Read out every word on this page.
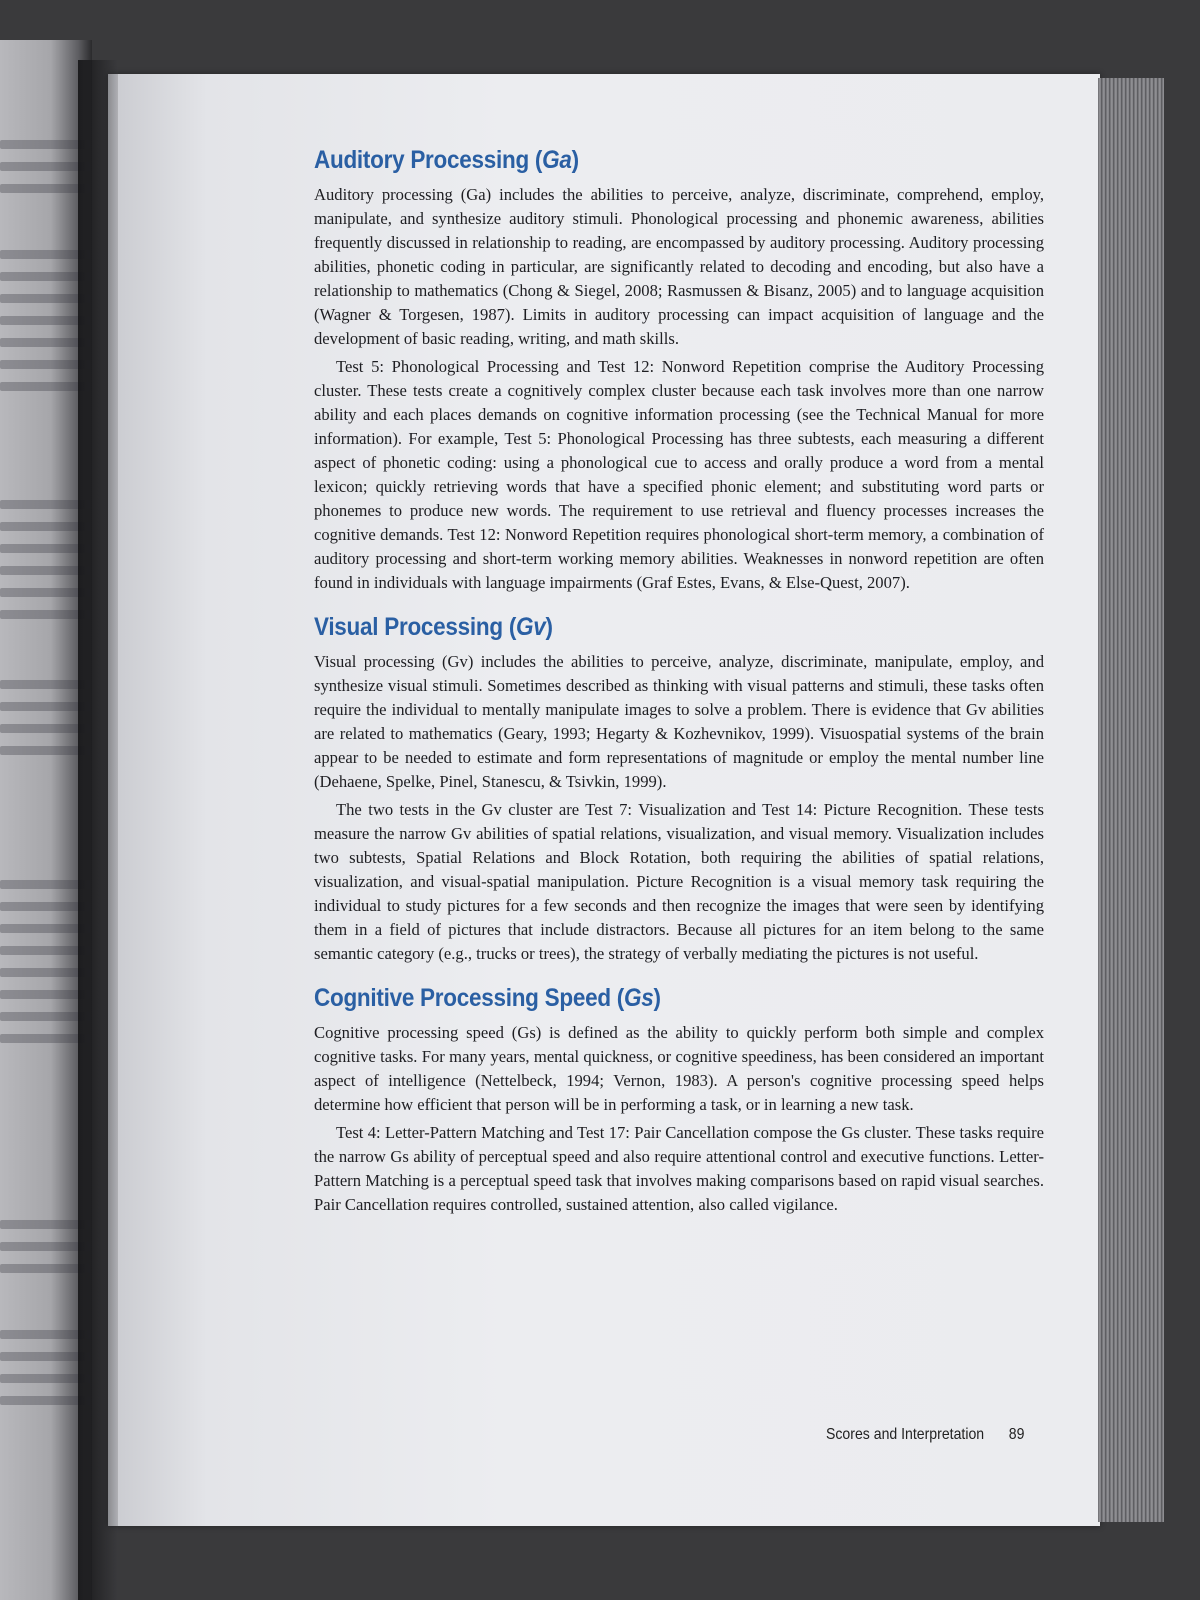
Auditory Processing (Ga)

Auditory processing (Ga) includes the abilities to perceive, analyze, discriminate, comprehend, employ, manipulate, and synthesize auditory stimuli. Phonological processing and phonemic awareness, abilities frequently discussed in relationship to reading, are encompassed by auditory processing. Auditory processing abilities, phonetic coding in particular, are significantly related to decoding and encoding, but also have a relationship to mathematics (Chong & Siegel, 2008; Rasmussen & Bisanz, 2005) and to language acquisition (Wagner & Torgesen, 1987). Limits in auditory processing can impact acquisition of language and the development of basic reading, writing, and math skills.

Test 5: Phonological Processing and Test 12: Nonword Repetition comprise the Auditory Processing cluster. These tests create a cognitively complex cluster because each task involves more than one narrow ability and each places demands on cognitive information processing (see the Technical Manual for more information). For example, Test 5: Phonological Processing has three subtests, each measuring a different aspect of phonetic coding: using a phonological cue to access and orally produce a word from a mental lexicon; quickly retrieving words that have a specified phonic element; and substituting word parts or phonemes to produce new words. The requirement to use retrieval and fluency processes increases the cognitive demands. Test 12: Nonword Repetition requires phonological short-term memory, a combination of auditory processing and short-term working memory abilities. Weaknesses in nonword repetition are often found in individuals with language impairments (Graf Estes, Evans, & Else-Quest, 2007).

Visual Processing (Gv)

Visual processing (Gv) includes the abilities to perceive, analyze, discriminate, manipulate, employ, and synthesize visual stimuli. Sometimes described as thinking with visual patterns and stimuli, these tasks often require the individual to mentally manipulate images to solve a problem. There is evidence that Gv abilities are related to mathematics (Geary, 1993; Hegarty & Kozhevnikov, 1999). Visuospatial systems of the brain appear to be needed to estimate and form representations of magnitude or employ the mental number line (Dehaene, Spelke, Pinel, Stanescu, & Tsivkin, 1999).

The two tests in the Gv cluster are Test 7: Visualization and Test 14: Picture Recognition. These tests measure the narrow Gv abilities of spatial relations, visualization, and visual memory. Visualization includes two subtests, Spatial Relations and Block Rotation, both requiring the abilities of spatial relations, visualization, and visual-spatial manipulation. Picture Recognition is a visual memory task requiring the individual to study pictures for a few seconds and then recognize the images that were seen by identifying them in a field of pictures that include distractors. Because all pictures for an item belong to the same semantic category (e.g., trucks or trees), the strategy of verbally mediating the pictures is not useful.

Cognitive Processing Speed (Gs)

Cognitive processing speed (Gs) is defined as the ability to quickly perform both simple and complex cognitive tasks. For many years, mental quickness, or cognitive speediness, has been considered an important aspect of intelligence (Nettelbeck, 1994; Vernon, 1983). A person's cognitive processing speed helps determine how efficient that person will be in performing a task, or in learning a new task.

Test 4: Letter-Pattern Matching and Test 17: Pair Cancellation compose the Gs cluster. These tasks require the narrow Gs ability of perceptual speed and also require attentional control and executive functions. Letter-Pattern Matching is a perceptual speed task that involves making comparisons based on rapid visual searches. Pair Cancellation requires controlled, sustained attention, also called vigilance.

Scores and Interpretation 89
